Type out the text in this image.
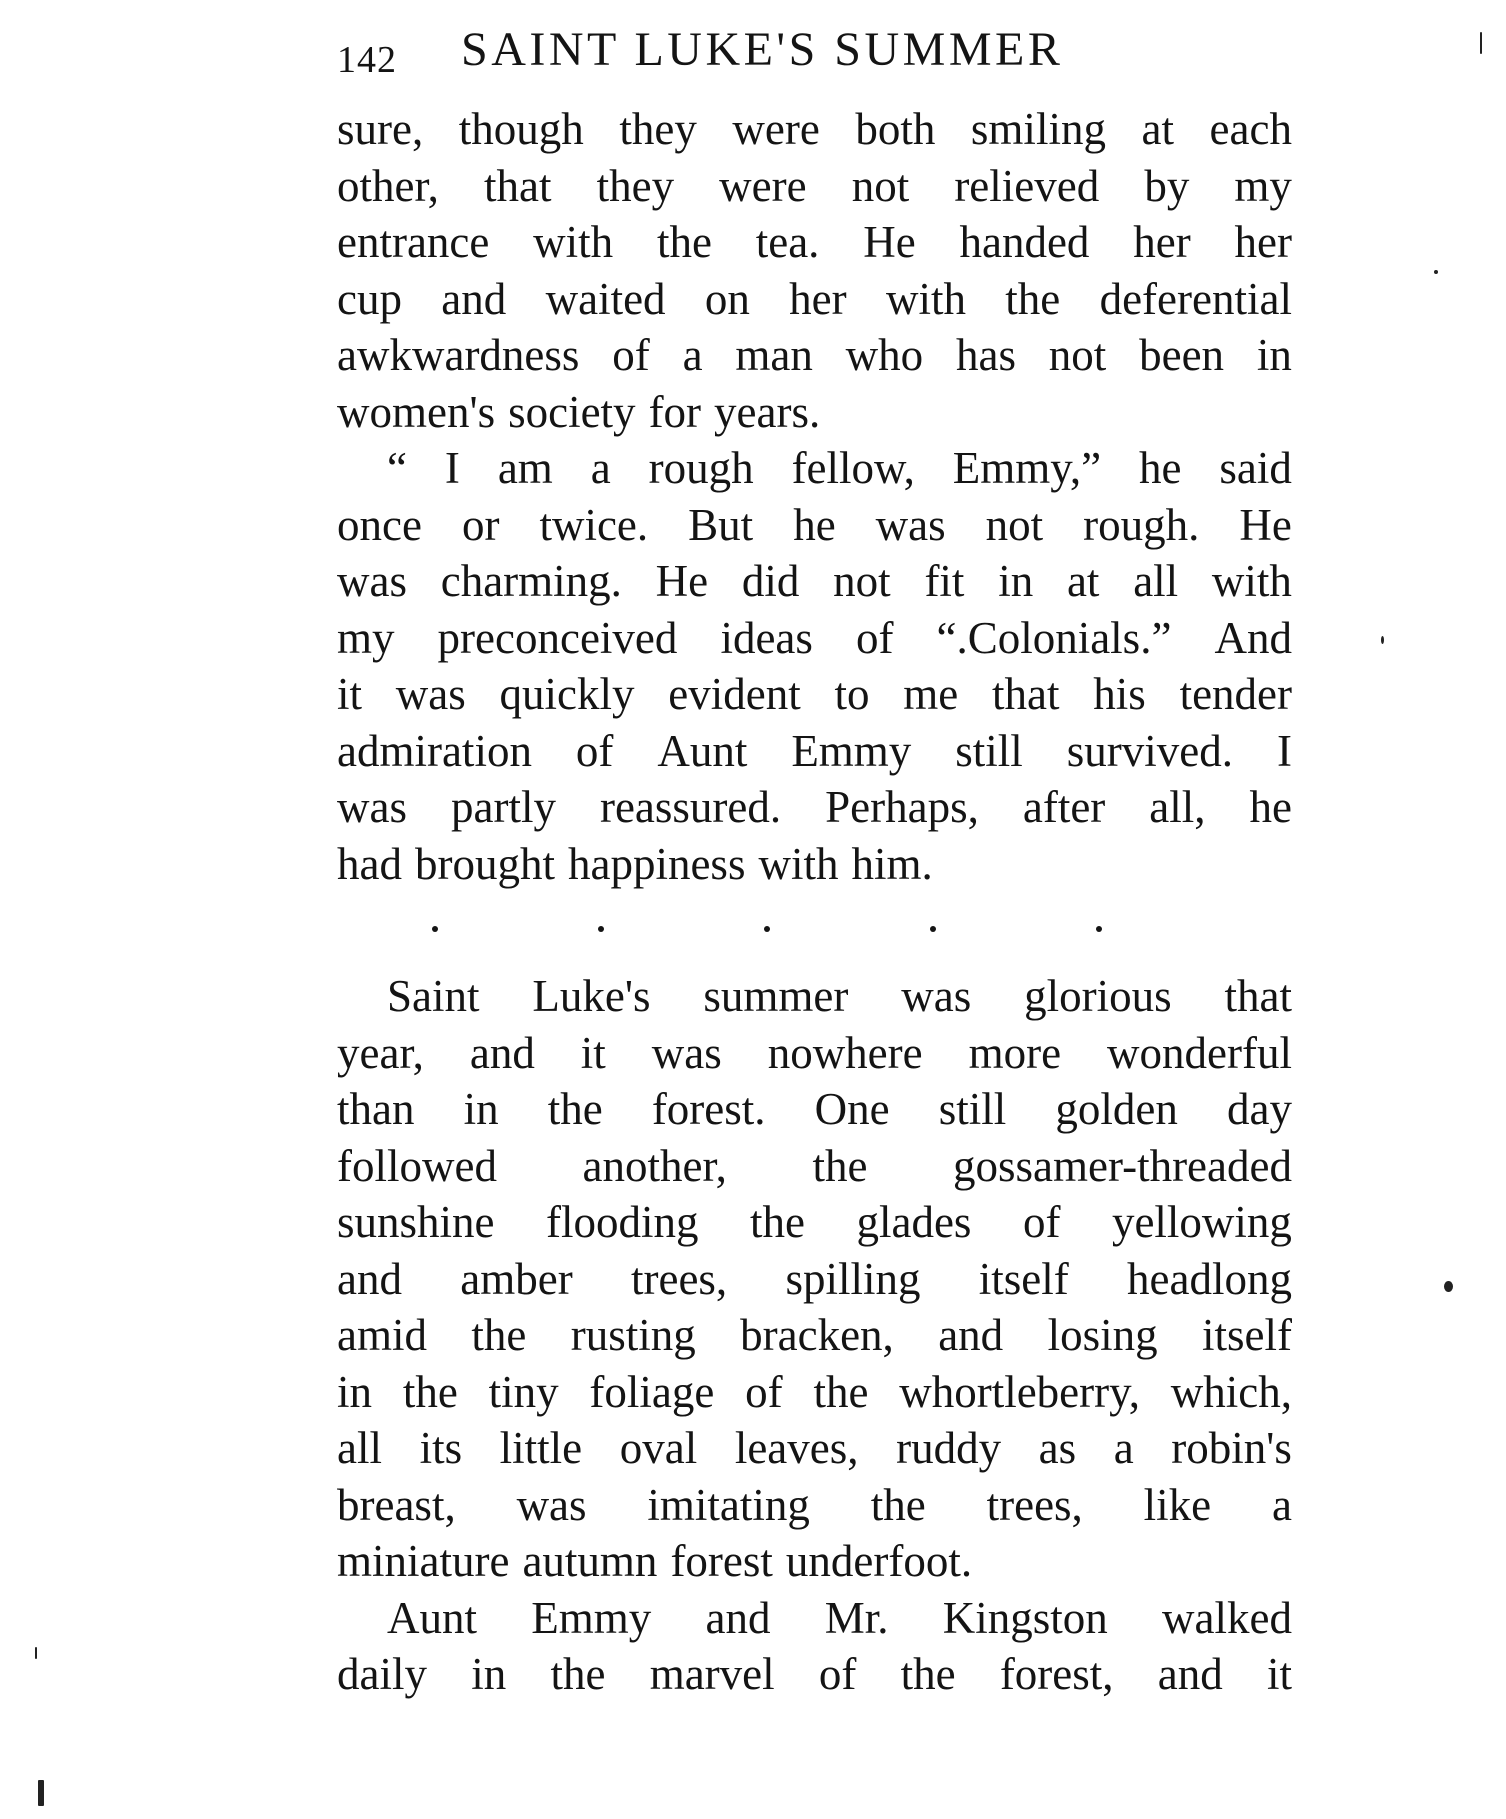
142 SAINT LUKE'S SUMMER
sure, though they were both smiling at each
other, that they were not relieved by my
entrance with the tea. He handed her her
cup and waited on her with the deferential
awkwardness of a man who has not been in
women's society for years.
“ I am a rough fellow, Emmy,” he said
once or twice. But he was not rough. He
was charming. He did not fit in at all with
my preconceived ideas of “.Colonials.” And
it was quickly evident to me that his tender
admiration of Aunt Emmy still survived. I
was partly reassured. Perhaps, after all, he
had brought happiness with him.
Saint Luke's summer was glorious that
year, and it was nowhere more wonderful
than in the forest. One still golden day
followed another, the gossamer-threaded
sunshine flooding the glades of yellowing
and amber trees, spilling itself headlong
amid the rusting bracken, and losing itself
in the tiny foliage of the whortleberry, which,
all its little oval leaves, ruddy as a robin's
breast, was imitating the trees, like a
miniature autumn forest underfoot.
Aunt Emmy and Mr. Kingston walked
daily in the marvel of the forest, and it
